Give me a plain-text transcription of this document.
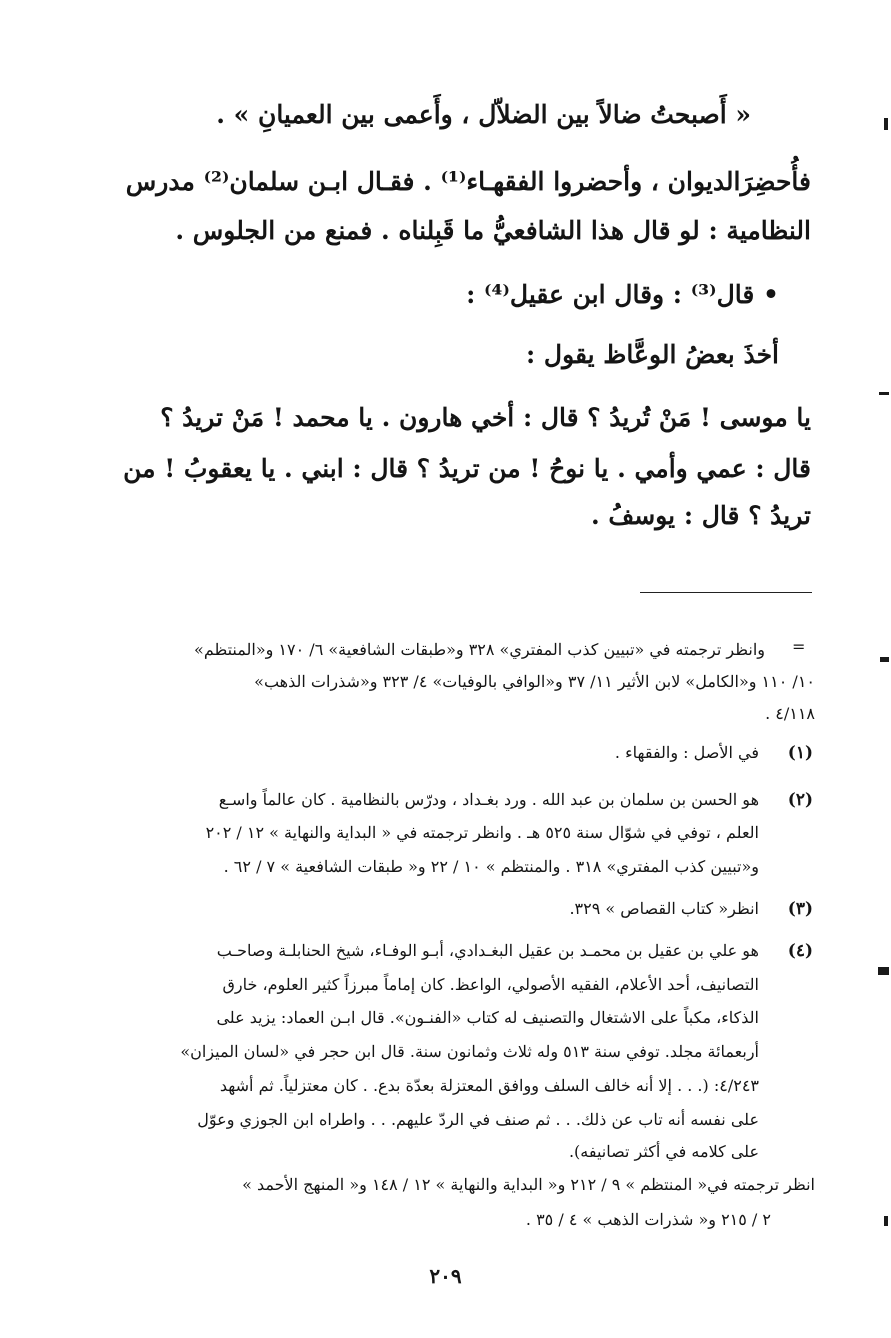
« أَصبحتُ ضالاً بين الضلاّل ، وأَعمى بين العميانِ » .
فأُحضِرَالديوان ، وأحضروا الفقهـاء⁽¹⁾ . فقـال ابـن سلمان⁽²⁾ مدرس
النظامية : لو قال هذا الشافعيُّ ما قَبِلناه . فمنع من الجلوس .
• قال⁽³⁾ : وقال ابن عقيل⁽⁴⁾ :
أخذَ بعضُ الوعَّاظ يقول :
يا موسى ! مَنْ تُريدُ ؟ قال : أخي هارون . يا محمد ! مَنْ تريدُ ؟
قال : عمي وأمي . يا نوحُ ! من تريدُ ؟ قال : ابني . يا يعقوبُ ! من
تريدُ ؟ قال : يوسفُ .
=
وانظر ترجمته في «تبيين كذب المفتري» ٣٢٨ و«طبقات الشافعية» ٦/ ١٧٠ و«المنتظم»
١٠/ ١١٠ و«الكامل» لابن الأثير ١١/ ٣٧ و«الوافي بالوفيات» ٤/ ٣٢٣ و«شذرات الذهب»
٤/١١٨ .
(١)
في الأصل : والفقهاء .
(٢)
هو الحسن بن سلمان بن عبد الله . ورد بغـداد ، ودرّس بالنظامية . كان عالماً واسـع
العلم ، توفي في شوّال سنة ٥٢٥ هـ . وانظر ترجمته في « البداية والنهاية » ١٢ / ٢٠٢
و«تبيين كذب المفتري» ٣١٨ . والمنتظم » ١٠ / ٢٢ و« طبقات الشافعية » ٧ / ٦٢ .
(٣)
انظر« كتاب القصاص » ٣٢٩.
(٤)
هو علي بن عقيل بن محمـد بن عقيل البغـدادي، أبـو الوفـاء، شيخ الحنابلـة وصاحـب
التصانيف، أحد الأعلام، الفقيه الأصولي، الواعظ. كان إماماً مبرزاً كثير العلوم، خارق
الذكاء، مكباً على الاشتغال والتصنيف له كتاب «الفنـون». قال ابـن العماد: يزيد على
أربعمائة مجلد. توفي سنة ٥١٣ وله ثلاث وثمانون سنة. قال ابن حجر في «لسان الميزان»
٤/٢٤٣: (. . . إلا أنه خالف السلف ووافق المعتزلة بعدّة بدع. . كان معتزلياً. ثم أشهد
على نفسه أنه تاب عن ذلك. . . ثم صنف في الردّ عليهم. . . واطراه ابن الجوزي وعوّل
على كلامه في أكثر تصانيفه).
انظر ترجمته في« المنتظم » ٩ / ٢١٢ و« البداية والنهاية » ١٢ / ١٤٨ و« المنهج الأحمد »
٢ / ٢١٥ و« شذرات الذهب » ٤ / ٣٥ .
٢٠٩
